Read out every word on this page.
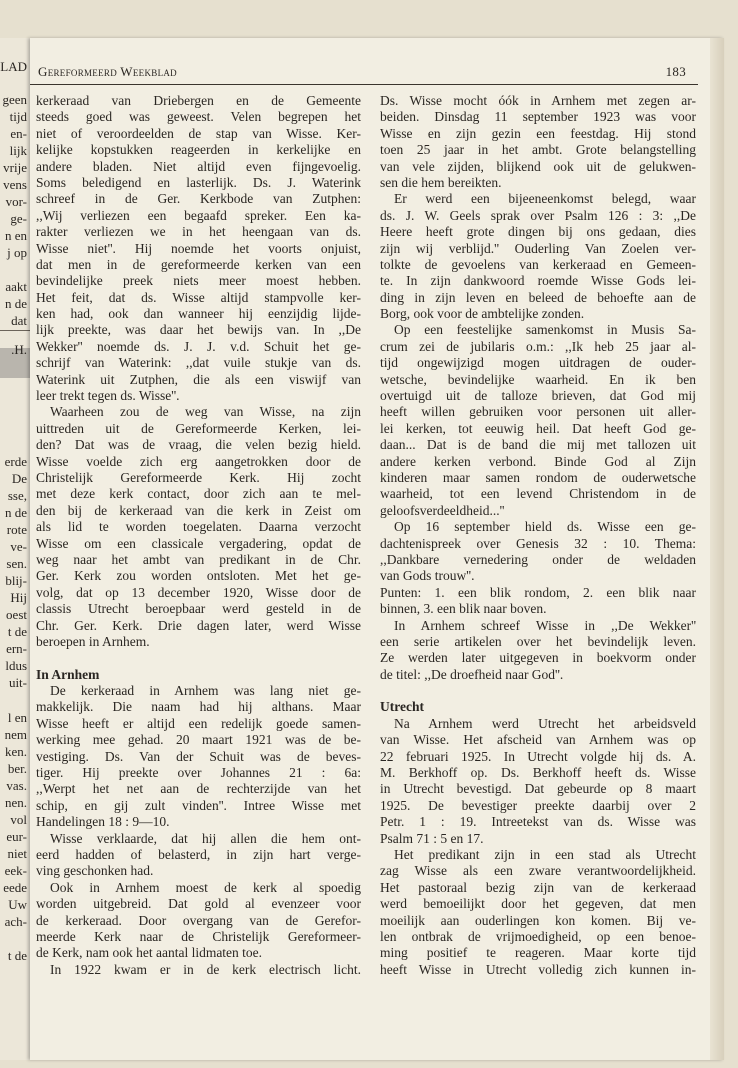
LAD
geen
tijd
en-
lijk
vrije
vens
vor-
ge-
n en
j op
aakt
n de
dat
.H.
erde
De
sse,
n de
rote
ve-
sen.
blij-
Hij
oest
t de
ern-
ldus
uit-
l en
nem
ken.
ber.
vas.
nen.
vol
eur-
niet
eek-
eede
Uw
ach-
t de
Gereformeerd Weekblad	183
kerkeraad van Driebergen en de Gemeente
steeds goed was geweest. Velen begrepen het
niet of veroordeelden de stap van Wisse. Ker-
kelijke kopstukken reageerden in kerkelijke en
andere bladen. Niet altijd even fijngevoelig.
Soms beledigend en lasterlijk. Ds. J. Waterink
schreef in de Ger. Kerkbode van Zutphen:
,,Wij verliezen een begaafd spreker. Een ka-
rakter verliezen we in het heengaan van ds.
Wisse niet''. Hij noemde het voorts onjuist,
dat men in de gereformeerde kerken van een
bevindelijke preek niets meer moest hebben.
Het feit, dat ds. Wisse altijd stampvolle ker-
ken had, ook dan wanneer hij eenzijdig lijde-
lijk preekte, was daar het bewijs van. In ,,De
Wekker'' noemde ds. J. J. v.d. Schuit het ge-
schrijf van Waterink: ,,dat vuile stukje van ds.
Waterink uit Zutphen, die als een viswijf van
leer trekt tegen ds. Wisse''.
Waarheen zou de weg van Wisse, na zijn
uittreden uit de Gereformeerde Kerken, lei-
den? Dat was de vraag, die velen bezig hield.
Wisse voelde zich erg aangetrokken door de
Christelijk Gereformeerde Kerk. Hij zocht
met deze kerk contact, door zich aan te mel-
den bij de kerkeraad van die kerk in Zeist om
als lid te worden toegelaten. Daarna verzocht
Wisse om een classicale vergadering, opdat de
weg naar het ambt van predikant in de Chr.
Ger. Kerk zou worden ontsloten. Met het ge-
volg, dat op 13 december 1920, Wisse door de
classis Utrecht beroepbaar werd gesteld in de
Chr. Ger. Kerk. Drie dagen later, werd Wisse
beroepen in Arnhem.
In Arnhem
De kerkeraad in Arnhem was lang niet ge-
makkelijk. Die naam had hij althans. Maar
Wisse heeft er altijd een redelijk goede samen-
werking mee gehad. 20 maart 1921 was de be-
vestiging. Ds. Van der Schuit was de beves-
tiger. Hij preekte over Johannes 21 : 6a:
,,Werpt het net aan de rechterzijde van het
schip, en gij zult vinden''. Intree Wisse met
Handelingen 18 : 9—10.
Wisse verklaarde, dat hij allen die hem ont-
eerd hadden of belasterd, in zijn hart verge-
ving geschonken had.
Ook in Arnhem moest de kerk al spoedig
worden uitgebreid. Dat gold al evenzeer voor
de kerkeraad. Door overgang van de Gerefor-
meerde Kerk naar de Christelijk Gereformeer-
de Kerk, nam ook het aantal lidmaten toe.
In 1922 kwam er in de kerk electrisch licht.
Ds. Wisse mocht óók in Arnhem met zegen ar-
beiden. Dinsdag 11 september 1923 was voor
Wisse en zijn gezin een feestdag. Hij stond
toen 25 jaar in het ambt. Grote belangstelling
van vele zijden, blijkend ook uit de gelukwen-
sen die hem bereikten.
Er werd een bijeeneenkomst belegd, waar
ds. J. W. Geels sprak over Psalm 126 : 3: ,,De
Heere heeft grote dingen bij ons gedaan, dies
zijn wij verblijd.'' Ouderling Van Zoelen ver-
tolkte de gevoelens van kerkeraad en Gemeen-
te. In zijn dankwoord roemde Wisse Gods lei-
ding in zijn leven en beleed de behoefte aan de
Borg, ook voor de ambtelijke zonden.
Op een feestelijke samenkomst in Musis Sa-
crum zei de jubilaris o.m.: ,,Ik heb 25 jaar al-
tijd ongewijzigd mogen uitdragen de ouder-
wetsche, bevindelijke waarheid. En ik ben
overtuigd uit de talloze brieven, dat God mij
heeft willen gebruiken voor personen uit aller-
lei kerken, tot eeuwig heil. Dat heeft God ge-
daan... Dat is de band die mij met tallozen uit
andere kerken verbond. Binde God al Zijn
kinderen maar samen rondom de ouderwetsche
waarheid, tot een levend Christendom in de
geloofsverdeeldheid...''
Op 16 september hield ds. Wisse een ge-
dachtenispreek over Genesis 32 : 10. Thema:
,,Dankbare vernedering onder de weldaden
van Gods trouw''.
Punten: 1. een blik rondom, 2. een blik naar
binnen, 3. een blik naar boven.
In Arnhem schreef Wisse in ,,De Wekker''
een serie artikelen over het bevindelijk leven.
Ze werden later uitgegeven in boekvorm onder
de titel: ,,De droefheid naar God''.
Utrecht
Na Arnhem werd Utrecht het arbeidsveld
van Wisse. Het afscheid van Arnhem was op
22 februari 1925. In Utrecht volgde hij ds. A.
M. Berkhoff op. Ds. Berkhoff heeft ds. Wisse
in Utrecht bevestigd. Dat gebeurde op 8 maart
1925. De bevestiger preekte daarbij over 2
Petr. 1 : 19. Intreetekst van ds. Wisse was
Psalm 71 : 5 en 17.
Het predikant zijn in een stad als Utrecht
zag Wisse als een zware verantwoordelijkheid.
Het pastoraal bezig zijn van de kerkeraad
werd bemoeilijkt door het gegeven, dat men
moeilijk aan ouderlingen kon komen. Bij ve-
len ontbrak de vrijmoedigheid, op een benoe-
ming positief te reageren. Maar korte tijd
heeft Wisse in Utrecht volledig zich kunnen in-
